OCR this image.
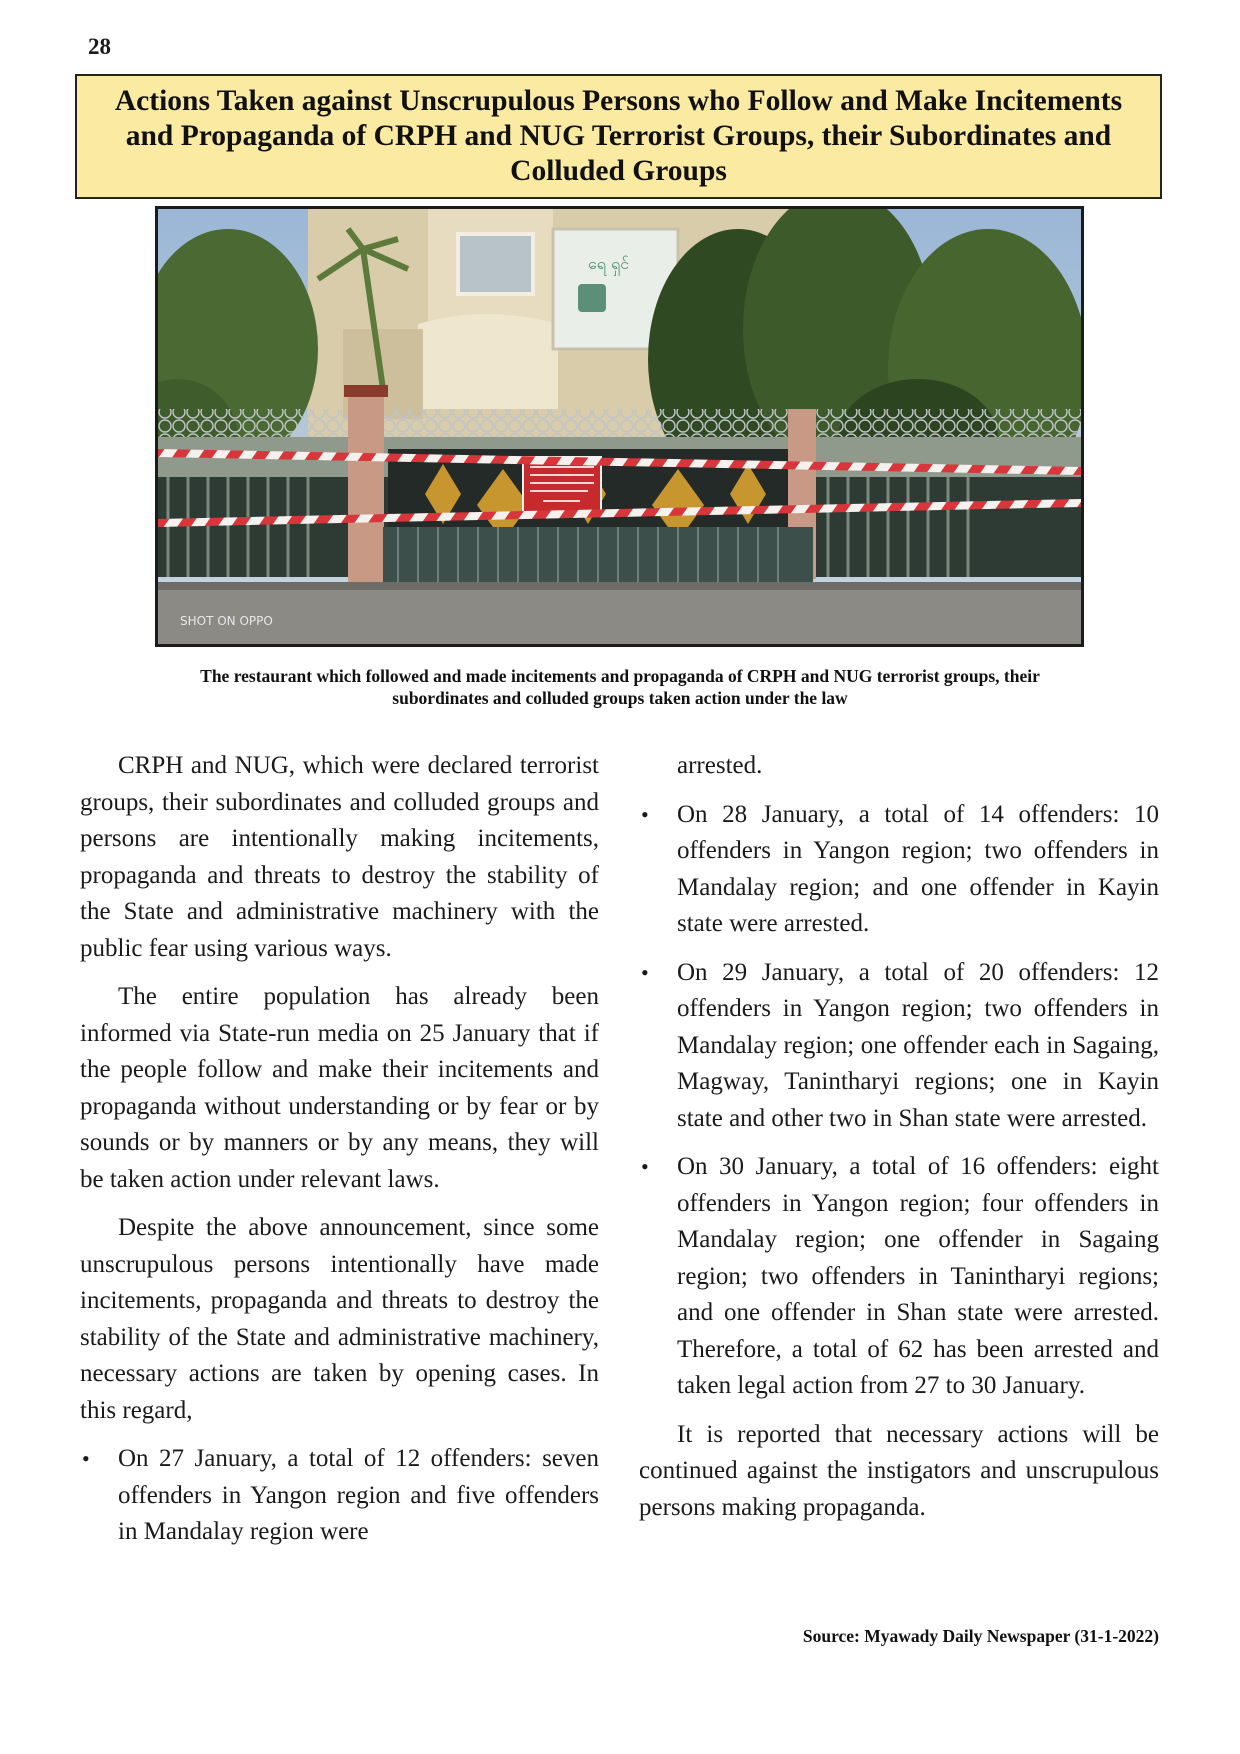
28
Actions Taken against Unscrupulous Persons who Follow and Make Incitements and Propaganda of CRPH and NUG Terrorist Groups, their Subordinates and Colluded Groups
ရေ ရှင်
SHOT ON OPPO
The restaurant which followed and made incitements and propaganda of CRPH and NUG terrorist groups, their subordinates and colluded groups taken action under the law

CRPH and NUG, which were declared terrorist groups, their subordinates and colluded groups and persons are intentionally making incitements, propaganda and threats to destroy the stability of the State and administrative machinery with the public fear using various ways.

The entire population has already been informed via State-run media on 25 January that if the people follow and make their incitements and propaganda without understanding or by fear or by sounds or by manners or by any means, they will be taken action under relevant laws.

Despite the above announcement, since some unscrupulous persons intentionally have made incitements, propaganda and threats to destroy the stability of the State and administrative machinery, necessary actions are taken by opening cases. In this regard,

• On 27 January, a total of 12 offenders: seven offenders in Yangon region and five offenders in Mandalay region were

arrested.

• On 28 January, a total of 14 offenders: 10 offenders in Yangon region; two offenders in Mandalay region; and one offender in Kayin state were arrested.
• On 29 January, a total of 20 offenders: 12 offenders in Yangon region; two offenders in Mandalay region; one offender each in Sagaing, Magway, Tanintharyi regions; one in Kayin state and other two in Shan state were arrested.
• On 30 January, a total of 16 offenders: eight offenders in Yangon region; four offenders in Mandalay region; one offender in Sagaing region; two offenders in Tanintharyi regions; and one offender in Shan state were arrested. Therefore, a total of 62 has been arrested and taken legal action from 27 to 30 January.

It is reported that necessary actions will be continued against the instigators and unscrupulous persons making propaganda.

Source: Myawady Daily Newspaper (31-1-2022)
